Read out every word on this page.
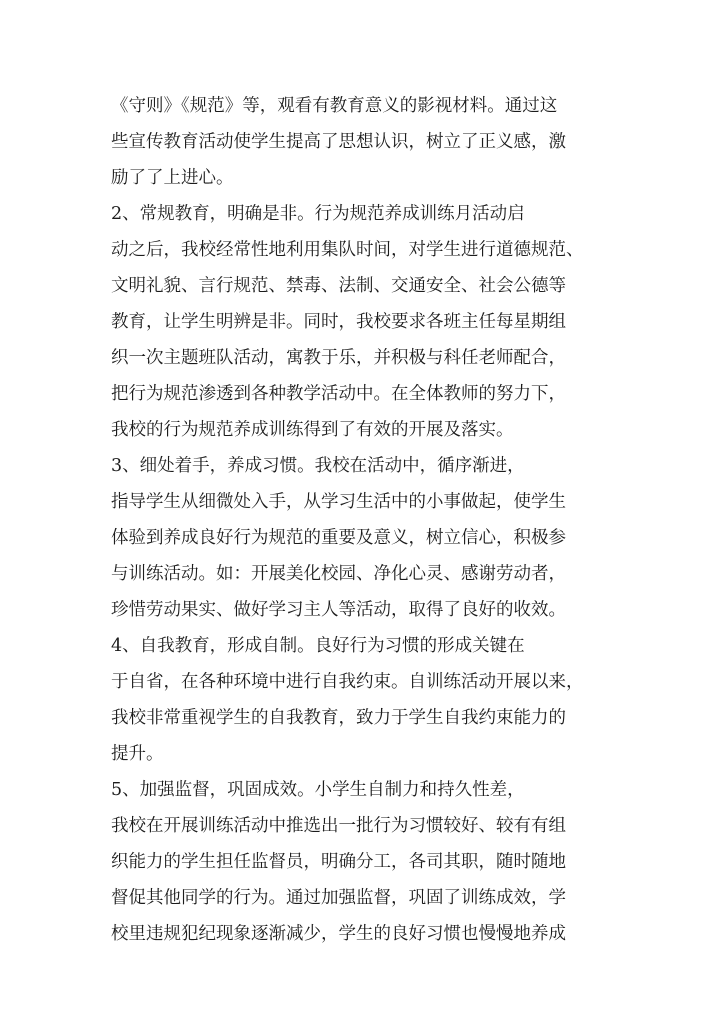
《守则》《规范》等，观看有教育意义的影视材料。通过这
些宣传教育活动使学生提高了思想认识，树立了正义感，激
励了了上进心。
2、常规教育，明确是非。行为规范养成训练月活动启
动之后，我校经常性地利用集队时间，对学生进行道德规范、
文明礼貌、言行规范、禁毒、法制、交通安全、社会公德等
教育，让学生明辨是非。同时，我校要求各班主任每星期组
织一次主题班队活动，寓教于乐，并积极与科任老师配合，
把行为规范渗透到各种教学活动中。在全体教师的努力下，
我校的行为规范养成训练得到了有效的开展及落实。
3、细处着手，养成习惯。我校在活动中，循序渐进，
指导学生从细微处入手，从学习生活中的小事做起，使学生
体验到养成良好行为规范的重要及意义，树立信心，积极参
与训练活动。如：开展美化校园、净化心灵、感谢劳动者，
珍惜劳动果实、做好学习主人等活动，取得了良好的收效。
4、自我教育，形成自制。良好行为习惯的形成关键在
于自省，在各种环境中进行自我约束。自训练活动开展以来，
我校非常重视学生的自我教育，致力于学生自我约束能力的
提升。
5、加强监督，巩固成效。小学生自制力和持久性差，
我校在开展训练活动中推选出一批行为习惯较好、较有有组
织能力的学生担任监督员，明确分工，各司其职，随时随地
督促其他同学的行为。通过加强监督，巩固了训练成效，学
校里违规犯纪现象逐渐减少，学生的良好习惯也慢慢地养成
